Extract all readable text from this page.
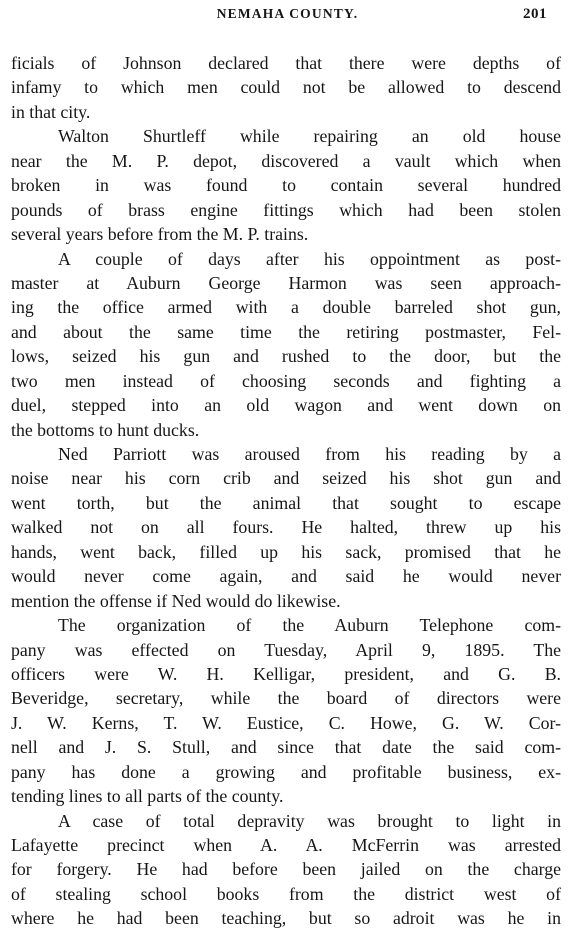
NEMAHA COUNTY.	201
ficials of Johnson declared that there were depths of
infamy to which men could not be allowed to descend
in that city.
Walton Shurtleff while repairing an old house
near the M. P. depot, discovered a vault which when
broken in was found to contain several hundred
pounds of brass engine fittings which had been stolen
several years before from the M. P. trains.
A couple of days after his oppointment as post-
master at Auburn George Harmon was seen approach-
ing the office armed with a double barreled shot gun,
and about the same time the retiring postmaster, Fel-
lows, seized his gun and rushed to the door, but the
two men instead of choosing seconds and fighting a
duel, stepped into an old wagon and went down on
the bottoms to hunt ducks.
Ned Parriott was aroused from his reading by a
noise near his corn crib and seized his shot gun and
went torth, but the animal that sought to escape
walked not on all fours. He halted, threw up his
hands, went back, filled up his sack, promised that he
would never come again, and said he would never
mention the offense if Ned would do likewise.
The organization of the Auburn Telephone com-
pany was effected on Tuesday, April 9, 1895. The
officers were W. H. Kelligar, president, and G. B.
Beveridge, secretary, while the board of directors were
J. W. Kerns, T. W. Eustice, C. Howe, G. W. Cor-
nell and J. S. Stull, and since that date the said com-
pany has done a growing and profitable business, ex-
tending lines to all parts of the county.
A case of total depravity was brought to light in
Lafayette precinct when A. A. McFerrin was arrested
for forgery. He had before been jailed on the charge
of stealing school books from the district west of
where he had been teaching, but so adroit was he in
